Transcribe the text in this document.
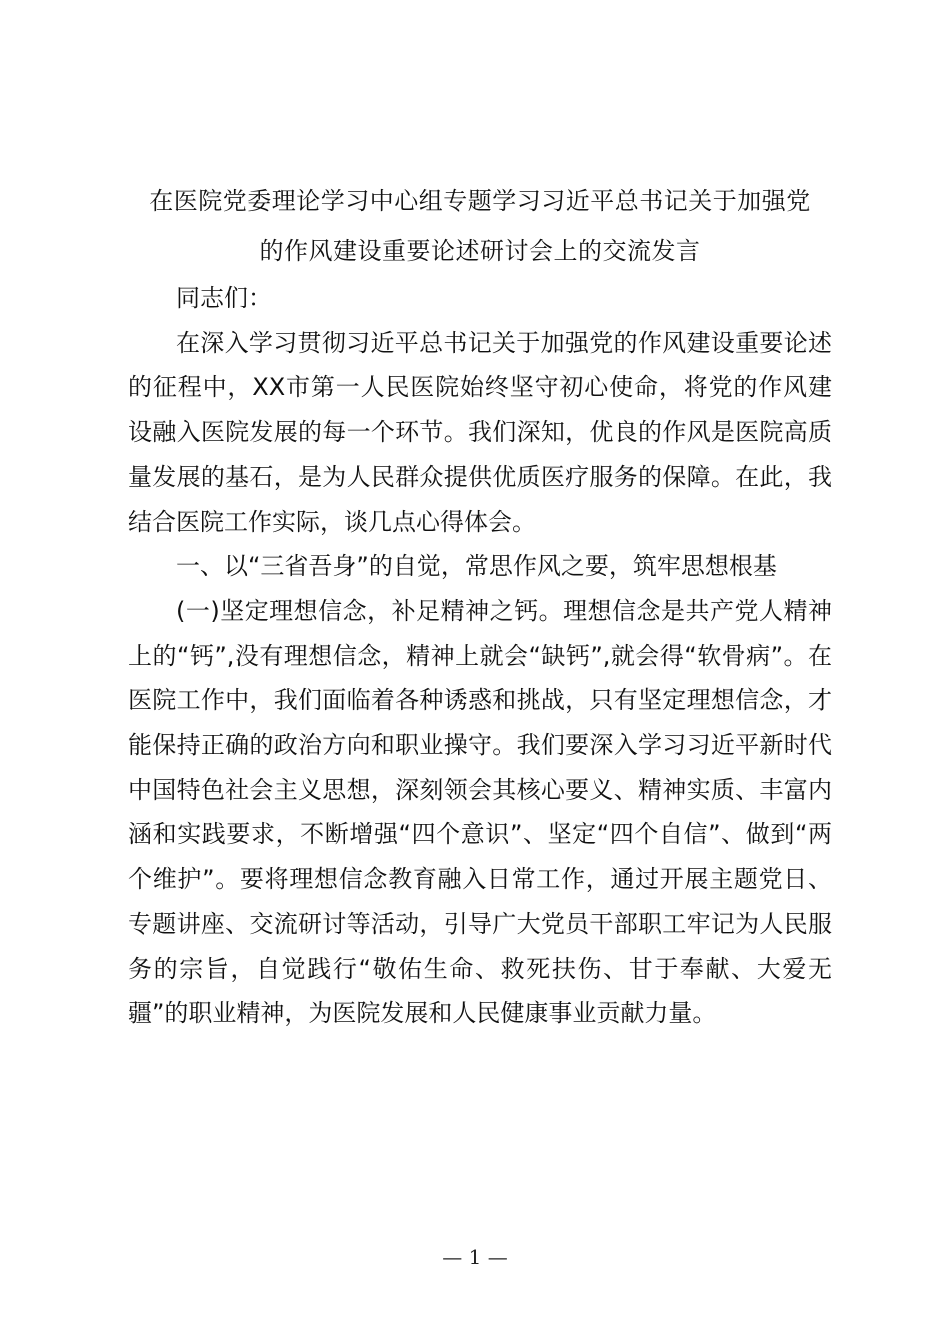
在医院党委理论学习中心组专题学习习近平总书记关于加强党
的作风建设重要论述研讨会上的交流发言

同志们：

在深入学习贯彻习近平总书记关于加强党的作风建设重要论述的征程中，XX市第一人民医院始终坚守初心使命，将党的作风建设融入医院发展的每一个环节。我们深知，优良的作风是医院高质量发展的基石，是为人民群众提供优质医疗服务的保障。在此，我结合医院工作实际，谈几点心得体会。

一、以“三省吾身”的自觉，常思作风之要，筑牢思想根基

(一)坚定理想信念，补足精神之钙。理想信念是共产党人精神上的“钙”,没有理想信念，精神上就会“缺钙”,就会得“软骨病”。在医院工作中，我们面临着各种诱惑和挑战，只有坚定理想信念，才能保持正确的政治方向和职业操守。我们要深入学习习近平新时代中国特色社会主义思想，深刻领会其核心要义、精神实质、丰富内涵和实践要求，不断增强“四个意识”、坚定“四个自信”、做到“两个维护”。要将理想信念教育融入日常工作，通过开展主题党日、专题讲座、交流研讨等活动，引导广大党员干部职工牢记为人民服务的宗旨，自觉践行“敬佑生命、救死扶伤、甘于奉献、大爱无疆”的职业精神，为医院发展和人民健康事业贡献力量。

— 1 —
